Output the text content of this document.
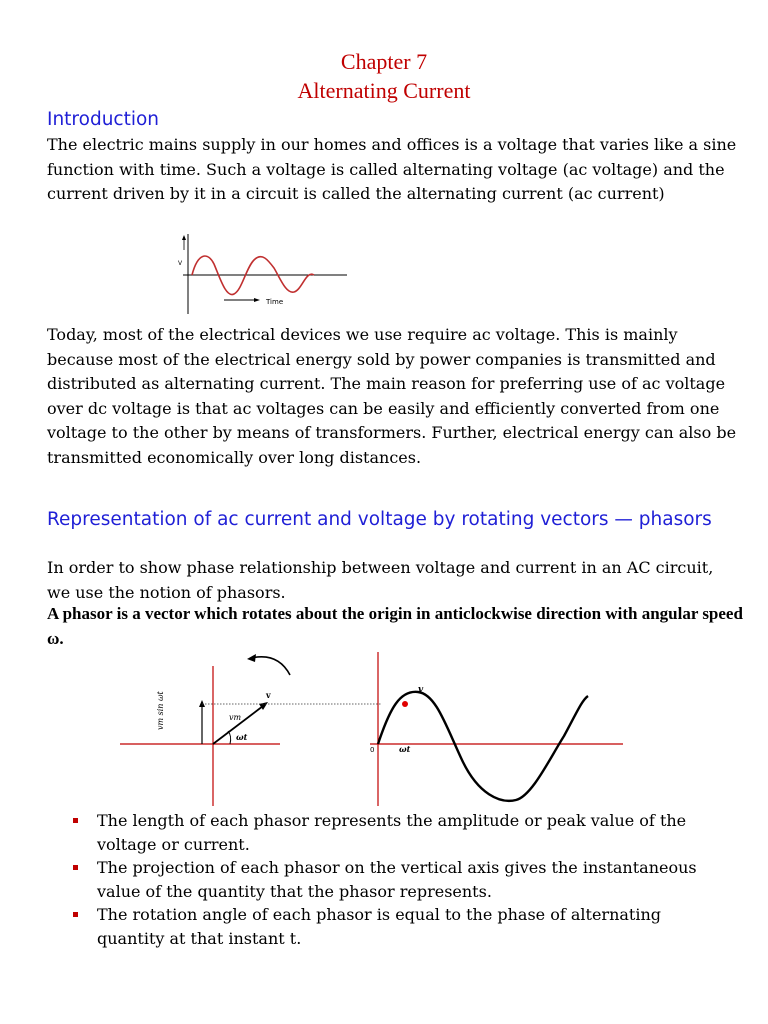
Chapter 7
Alternating Current
Introduction
The electric mains supply in our homes and offices is a voltage that varies like a sine function with time. Such a voltage is called alternating voltage (ac voltage) and the current driven by it in a circuit is called the alternating current (ac current)
V
Time
Today, most of the electrical devices we use require ac voltage. This is mainly because most of the electrical energy sold by power companies is transmitted and distributed as alternating current. The main reason for preferring use of ac voltage over dc voltage is that ac voltages can be easily and efficiently converted from one voltage to the other by means of transformers. Further, electrical energy can also be transmitted economically over long distances.
Representation of ac current and voltage by rotating vectors — phasors
In order to show phase relationship between voltage and current in an AC circuit, we use the notion of phasors.
A phasor is a vector which rotates about the origin in anticlockwise direction with angular speed ω.
vm sin ωt	v
vm
ωt
v
0	ωt
The length of each phasor represents the amplitude or peak value of the voltage or current.
The projection of each phasor on the vertical axis gives the instantaneous value of the quantity that the phasor represents.
The rotation angle of each phasor is equal to the phase of alternating quantity at that instant t.
